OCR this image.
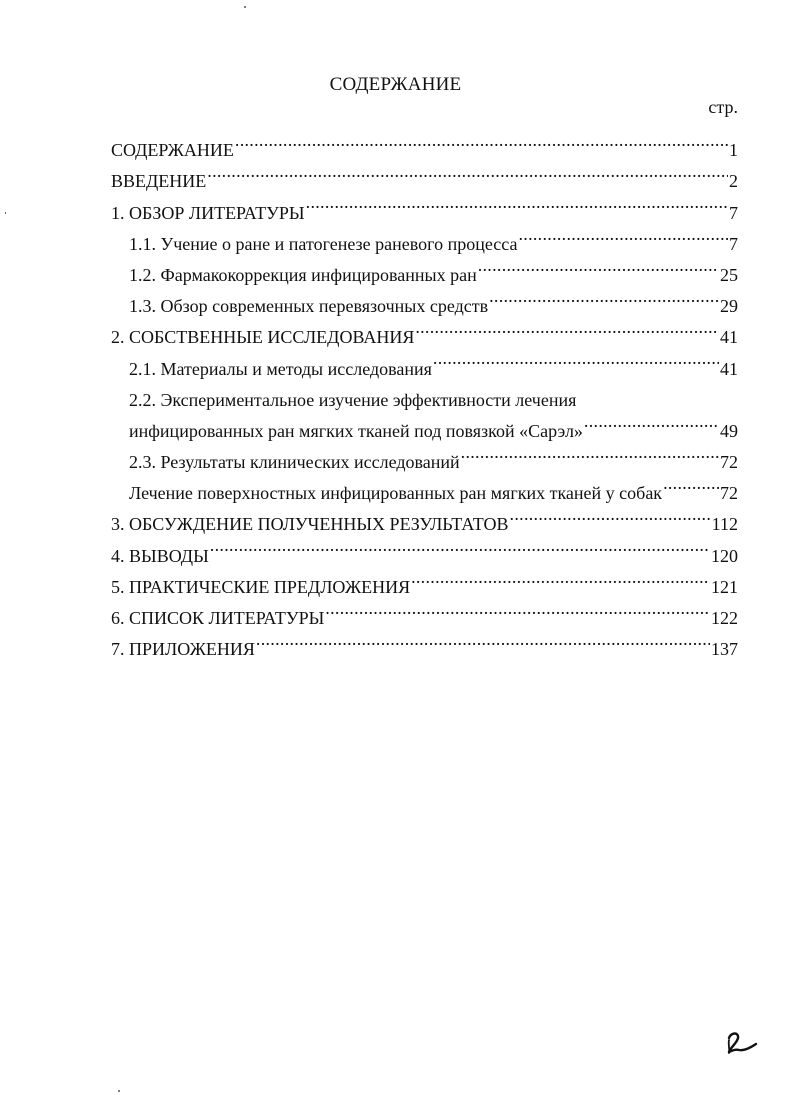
СОДЕРЖАНИЕ
стр.
СОДЕРЖАНИЕ .....	1
ВВЕДЕНИЕ .....	2
1. ОБЗОР ЛИТЕРАТУРЫ .....	7
1.1. Учение о ране и патогенезе раневого процесса .....	7
1.2. Фармакокоррекция инфицированных ран .....	25
1.3. Обзор современных перевязочных средств .....	29
2. СОБСТВЕННЫЕ ИССЛЕДОВАНИЯ .....	41
2.1. Материалы и методы исследования .....	41
2.2. Экспериментальное изучение эффективности лечения
инфицированных ран мягких тканей под повязкой «Сарэл» .....	49
2.3. Результаты клинических исследований .....	72
Лечение поверхностных инфицированных ран мягких тканей у собак .....	72
3. ОБСУЖДЕНИЕ ПОЛУЧЕННЫХ РЕЗУЛЬТАТОВ .....	112
4. ВЫВОДЫ .....	120
5. ПРАКТИЧЕСКИЕ ПРЕДЛОЖЕНИЯ .....	121
6. СПИСОК ЛИТЕРАТУРЫ .....	122
7. ПРИЛОЖЕНИЯ .....	137
